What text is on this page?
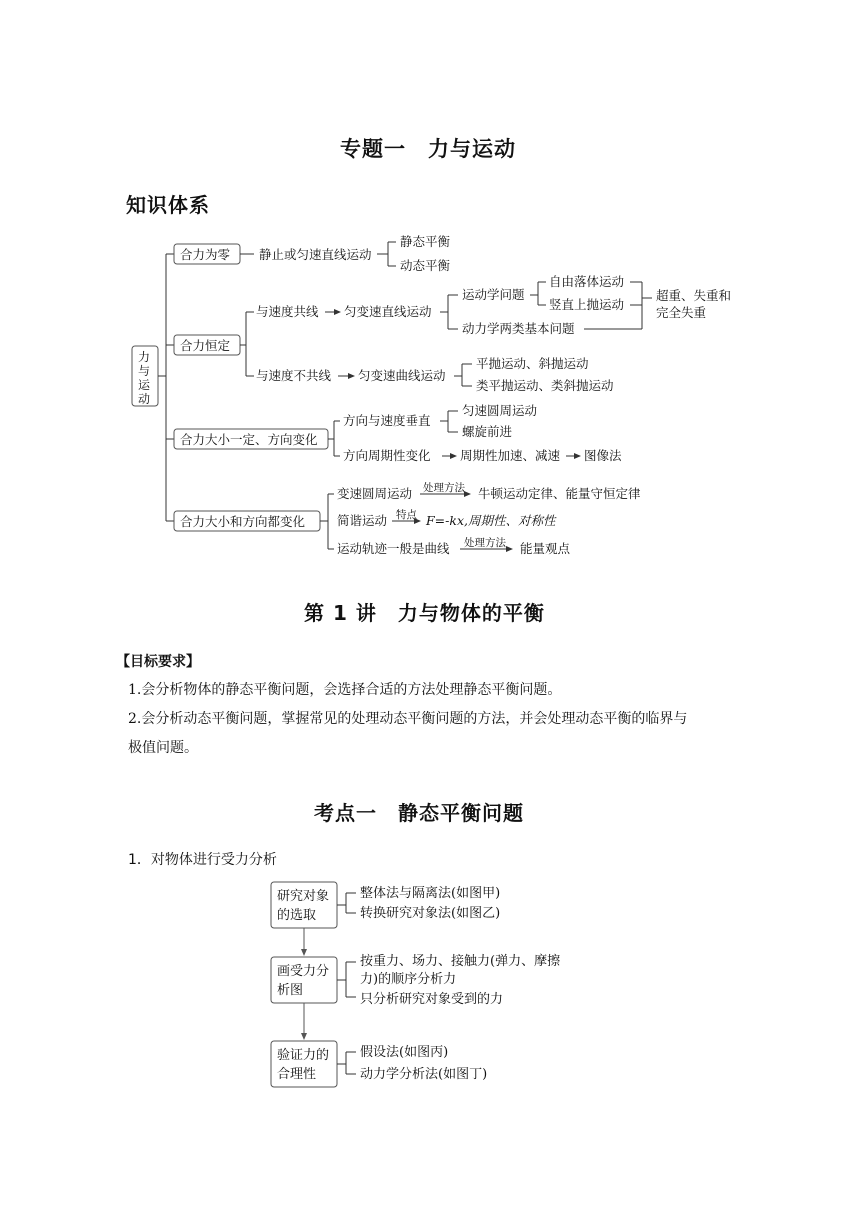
专题一　力与运动
知识体系
力
与
运
动
合力为零
合力恒定
合力大小一定、方向变化
合力大小和方向都变化
静止或匀速直线运动
静态平衡
动态平衡
与速度共线 匀变速直线运动
运动学问题
自由落体运动
竖直上抛运动
动力学两类基本问题
超重、失重和
完全失重
与速度不共线 匀变速曲线运动
平抛运动、斜抛运动
类平抛运动、类斜抛运动
方向与速度垂直
匀速圆周运动
螺旋前进
方向周期性变化 周期性加速、减速 图像法
变速圆周运动 处理方法 牛顿运动定律、能量守恒定律
简谐运动 特点 F=-kx,周期性、对称性
运动轨迹一般是曲线 处理方法 能量观点
第 1 讲　力与物体的平衡
【目标要求】
1.会分析物体的静态平衡问题，会选择合适的方法处理静态平衡问题。
2.会分析动态平衡问题，掌握常见的处理动态平衡问题的方法，并会处理动态平衡的临界与
极值问题。
考点一　静态平衡问题
1．对物体进行受力分析
研究对象
的选取
画受力分
析图
验证力的
合理性
整体法与隔离法(如图甲)
转换研究对象法(如图乙)
按重力、场力、接触力(弹力、摩擦
力)的顺序分析力
只分析研究对象受到的力
假设法(如图丙)
动力学分析法(如图丁)
